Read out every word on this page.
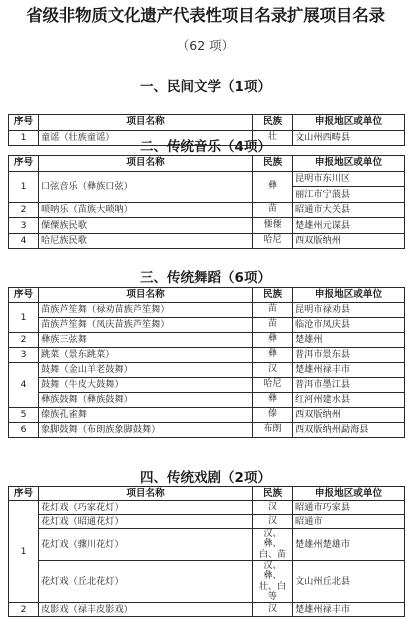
省级非物质文化遗产代表性项目名录扩展项目名录
（62 项）
一、民间文学（1项）
序号	项目名称	民族	申报地区或单位
1	童谣（壮族童谣）	壮	文山州西畴县
二、传统音乐（4项）
序号	项目名称	民族	申报地区或单位
1	口弦音乐（彝族口弦）	彝	昆明市东川区
			丽江市宁蒗县
2	唢呐乐（苗族大唢呐）	苗	昭通市大关县
3	傈僳族民歌	傈僳	楚雄州元谋县
4	哈尼族民歌	哈尼	西双版纳州
三、传统舞蹈（6项）
序号	项目名称	民族	申报地区或单位
1	苗族芦笙舞（禄劝苗族芦笙舞）	苗	昆明市禄劝县
	苗族芦笙舞（凤庆苗族芦笙舞）	苗	临沧市凤庆县
2	彝族三弦舞	彝	楚雄州
3	跳菜（景东跳菜）	彝	普洱市景东县
4	鼓舞（金山羊老鼓舞）	汉	楚雄州禄丰市
	鼓舞（牛皮大鼓舞）	哈尼	普洱市墨江县
	彝族鼓舞（彝族鼓舞）	彝	红河州建水县
5	傣族孔雀舞	傣	西双版纳州
6	象脚鼓舞（布朗族象脚鼓舞）	布朗	西双版纳州勐海县
四、传统戏剧（2项）
序号	项目名称	民族	申报地区或单位
1	花灯戏（巧家花灯）	汉	昭通市巧家县
	花灯戏（昭通花灯）	汉	昭通市
	花灯戏（骤川花灯）	汉、彝、白、苗	楚雄州楚雄市
	花灯戏（丘北花灯）	汉、彝、壮、白等	文山州丘北县
2	皮影戏（禄丰皮影戏）	汉	楚雄州禄丰市
